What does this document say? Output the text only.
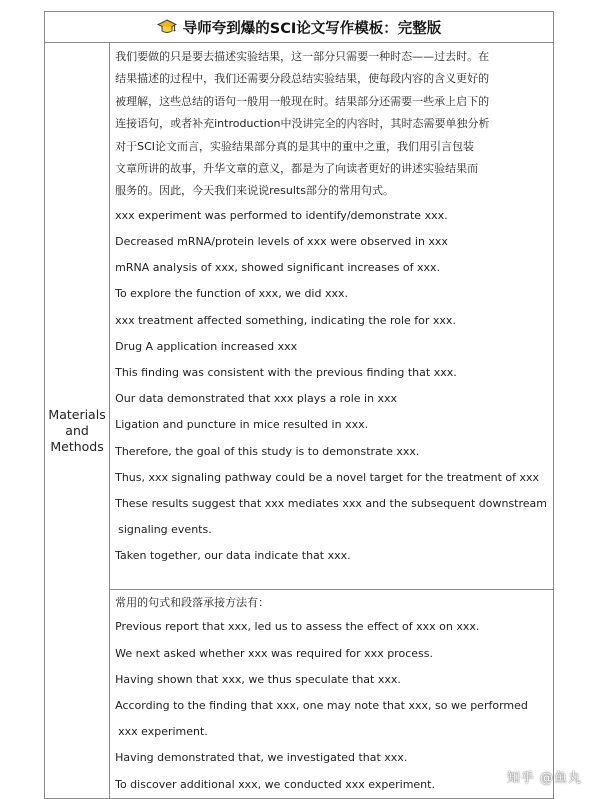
导师夸到爆的SCI论文写作模板：完整版
Materials and
Methods
我们要做的只是要去描述实验结果，这一部分只需要一种时态——过去时。在
结果描述的过程中，我们还需要分段总结实验结果，使每段内容的含义更好的
被理解，这些总结的语句一般用一般现在时。结果部分还需要一些承上启下的
连接语句，或者补充introduction中没讲完全的内容时，其时态需要单独分析
对于SCI论文而言，实验结果部分真的是其中的重中之重，我们用引言包装
文章所讲的故事，升华文章的意义，都是为了向读者更好的讲述实验结果而
服务的。因此，今天我们来说说results部分的常用句式。
xxx experiment was performed to identify/demonstrate xxx.
Decreased mRNA/protein levels of xxx were observed in xxx
mRNA analysis of xxx, showed significant increases of xxx.
To explore the function of xxx, we did xxx.
xxx treatment affected something, indicating the role for xxx.
Drug A application increased xxx
This finding was consistent with the previous finding that xxx.
Our data demonstrated that xxx plays a role in xxx
Ligation and puncture in mice resulted in xxx.
Therefore, the goal of this study is to demonstrate xxx.
Thus, xxx signaling pathway could be a novel target for the treatment of xxx
These results suggest that xxx mediates xxx and the subsequent downstream
signaling events.
Taken together, our data indicate that xxx.
常用的句式和段落承接方法有：
Previous report that xxx, led us to assess the effect of xxx on xxx.
We next asked whether xxx was required for xxx process.
Having shown that xxx, we thus speculate that xxx.
According to the finding that xxx, one may note that xxx, so we performed
xxx experiment.
Having demonstrated that, we investigated that xxx.
To discover additional xxx, we conducted xxx experiment.	知乎 @鱼丸
